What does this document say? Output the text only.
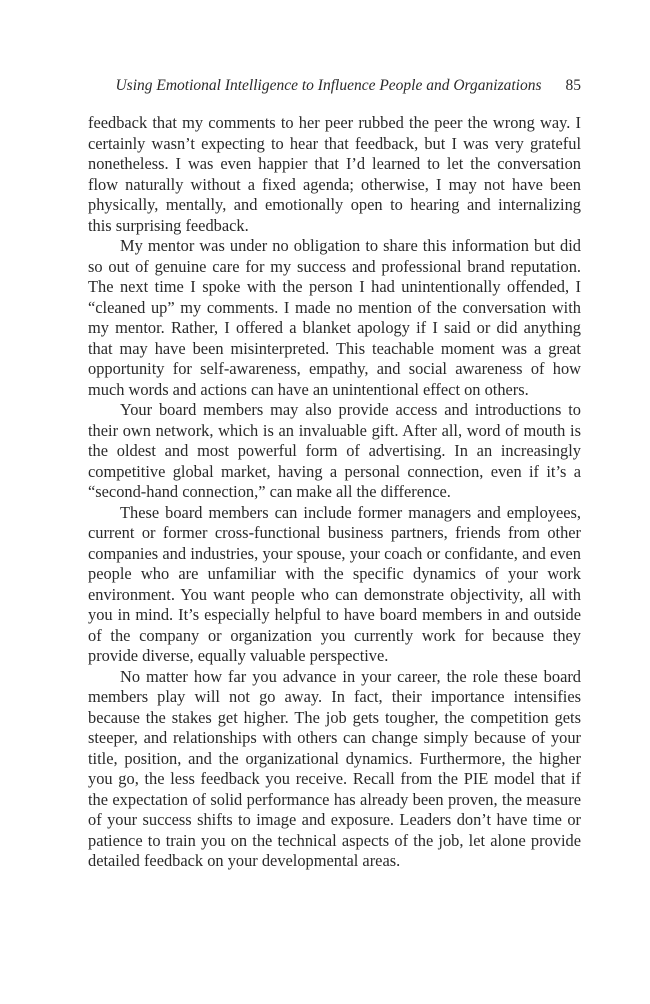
Using Emotional Intelligence to Influence People and Organizations 85

feedback that my comments to her peer rubbed the peer the wrong way. I certainly wasn’t expecting to hear that feedback, but I was very grateful nonetheless. I was even happier that I’d learned to let the conversation flow naturally without a fixed agenda; otherwise, I may not have been physically, mentally, and emotionally open to hearing and internalizing this surprising feedback.

My mentor was under no obligation to share this information but did so out of genuine care for my success and professional brand reputation. The next time I spoke with the person I had unintentionally offended, I “cleaned up” my comments. I made no mention of the conversation with my mentor. Rather, I offered a blanket apology if I said or did anything that may have been misinterpreted. This teachable moment was a great opportunity for self-awareness, empathy, and social awareness of how much words and actions can have an unintentional effect on others.

Your board members may also provide access and introductions to their own network, which is an invaluable gift. After all, word of mouth is the oldest and most powerful form of advertising. In an increasingly competitive global market, having a personal connection, even if it’s a “second-hand connection,” can make all the difference.

These board members can include former managers and employees, current or former cross-functional business partners, friends from other companies and industries, your spouse, your coach or confidante, and even people who are unfamiliar with the specific dynamics of your work environment. You want people who can demonstrate objectivity, all with you in mind. It’s especially helpful to have board members in and outside of the company or organization you currently work for because they provide diverse, equally valuable perspective.

No matter how far you advance in your career, the role these board members play will not go away. In fact, their importance intensifies because the stakes get higher. The job gets tougher, the competition gets steeper, and relationships with others can change simply because of your title, position, and the organizational dynamics. Furthermore, the higher you go, the less feedback you receive. Recall from the PIE model that if the expectation of solid performance has already been proven, the measure of your success shifts to image and exposure. Leaders don’t have time or patience to train you on the technical aspects of the job, let alone provide detailed feedback on your developmental areas.
